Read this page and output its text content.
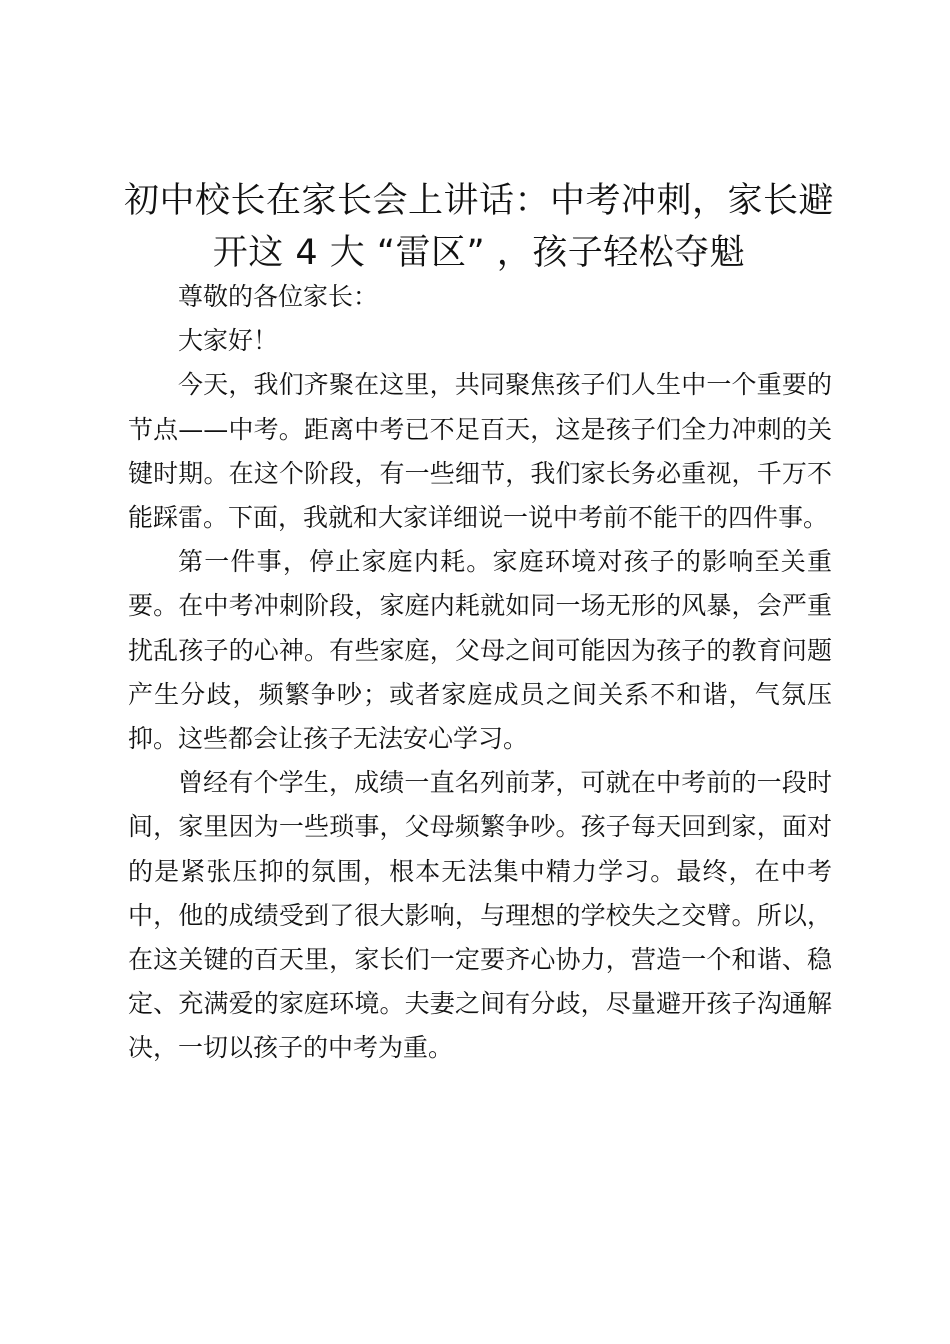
初中校长在家长会上讲话：中考冲刺，家长避开这 4 大 “雷区” ，孩子轻松夺魁

尊敬的各位家长：

大家好！

今天，我们齐聚在这里，共同聚焦孩子们人生中一个重要的节点——中考。距离中考已不足百天，这是孩子们全力冲刺的关键时期。在这个阶段，有一些细节，我们家长务必重视，千万不能踩雷。下面，我就和大家详细说一说中考前不能干的四件事。

第一件事，停止家庭内耗。家庭环境对孩子的影响至关重要。在中考冲刺阶段，家庭内耗就如同一场无形的风暴，会严重扰乱孩子的心神。有些家庭，父母之间可能因为孩子的教育问题产生分歧，频繁争吵；或者家庭成员之间关系不和谐，气氛压抑。这些都会让孩子无法安心学习。

曾经有个学生，成绩一直名列前茅，可就在中考前的一段时间，家里因为一些琐事，父母频繁争吵。孩子每天回到家，面对的是紧张压抑的氛围，根本无法集中精力学习。最终，在中考中，他的成绩受到了很大影响，与理想的学校失之交臂。所以，在这关键的百天里，家长们一定要齐心协力，营造一个和谐、稳定、充满爱的家庭环境。夫妻之间有分歧，尽量避开孩子沟通解决，一切以孩子的中考为重。
